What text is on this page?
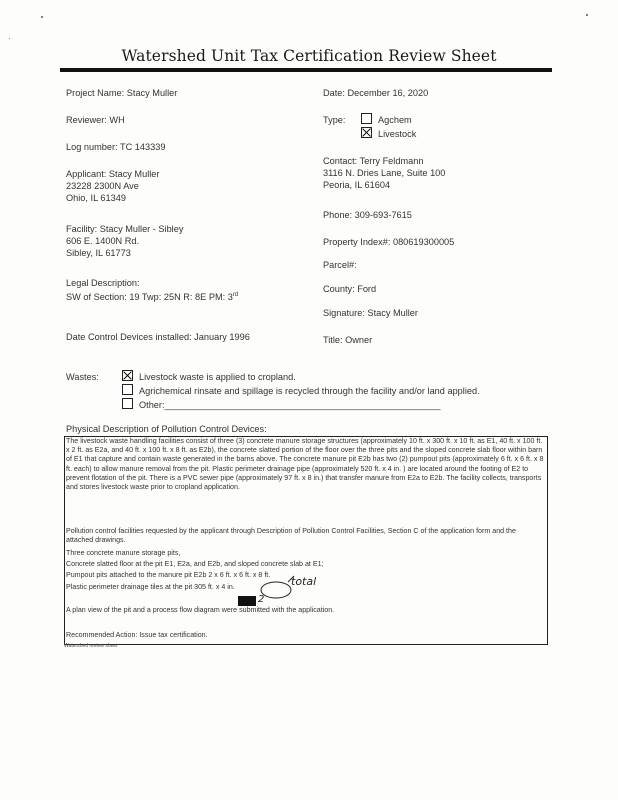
Watershed Unit Tax Certification Review Sheet
Project Name: Stacy Muller
Reviewer: WH
Log number: TC 143339
Applicant: Stacy Muller
23228 2300N Ave
Ohio, IL 61349
Facility: Stacy Muller - Sibley
606 E. 1400N Rd.
Sibley, IL 61773
Legal Description:
SW of Section: 19 Twp: 25N R: 8E PM: 3rd
Date Control Devices installed: January 1996
Date: December 16, 2020
Type:	Agchem
Livestock
Contact: Terry Feldmann
3116 N. Dries Lane, Suite 100
Peoria, IL 61604
Phone: 309-693-7615
Property Index#: 080619300005
Parcel#:
County: Ford
Signature: Stacy Muller
Title: Owner
Wastes:	Livestock waste is applied to cropland.
Agrichemical rinsate and spillage is recycled through the facility and/or land applied.
Other:______________________________________________________
Physical Description of Pollution Control Devices:
The livestock waste handling facilities consist of three (3) concrete manure storage structures (approximately 10 ft. x 300 ft. x 10 ft. as E1, 40 ft. x 100 ft. x 2 ft. as E2a, and 40 ft. x 100 ft. x 8 ft. as E2b), the concrete slatted portion of the floor over the three pits and the sloped concrete slab floor within barn of E1 that capture and contain waste generated in the barns above. The concrete manure pit E2b has two (2) pumpout pits (approximately 6 ft. x 6 ft. x 8 ft. each) to allow manure removal from the pit. Plastic perimeter drainage pipe (approximately 520 ft. x 4 in. ) are located around the footing of E2 to prevent flotation of the pit. There is a PVC sewer pipe (approximately 97 ft. x 8 in.) that transfer manure from E2a to E2b. The facility collects, transports and stores livestock waste prior to cropland application.
Pollution control facilities requested by the applicant through Description of Pollution Control Facilities, Section C of the application form and the attached drawings.
Three concrete manure storage pits,
Concrete slatted floor at the pit E1, E2a, and E2b, and sloped concrete slab at E1;
Pumpout pits attached to the manure pit E2b 2 x 6 ft. x 6 ft. x 8 ft.
Plastic perimeter drainage tiles at the pit 305 ft. x 4 in.	total
2
A plan view of the pit and a process flow diagram were submitted with the application.
Recommended Action: Issue tax certification.
Watershed review sheet
